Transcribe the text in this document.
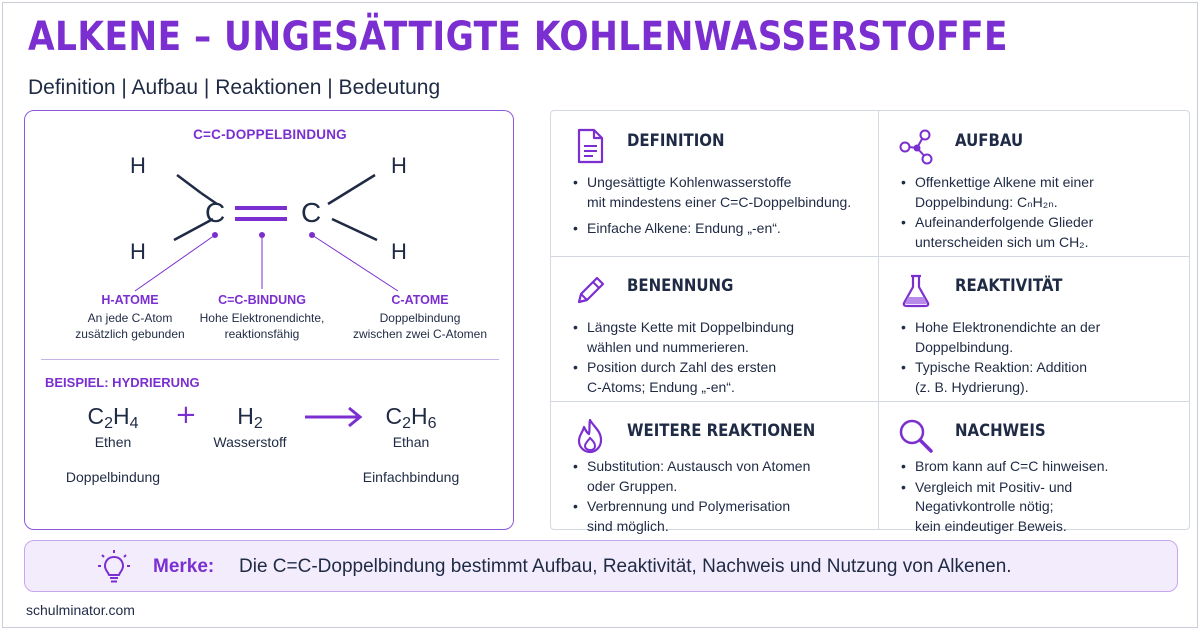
ALKENE – UNGESÄTTIGTE KOHLENWASSERSTOFFE
Definition | Aufbau | Reaktionen | Bedeutung
C=C-DOPPELBINDUNG
H
H
H
H
C	C
H-ATOME
An jede C-Atom
zusätzlich gebunden
C=C-BINDUNG
Hohe Elektronendichte,
reaktionsfähig
C-ATOME
Doppelbindung
zwischen zwei C-Atomen
BEISPIEL: HYDRIERUNG
$C_2H_4$
Ethen
Doppelbindung
+	$H_2$
Wasserstoff
→ $C_2H_6$
Ethan
Einfachbindung
DEFINITION
• Ungesättigte Kohlenwasserstoffe
mit mindestens einer C=C-Doppelbindung.
• Einfache Alkene: Endung „-en“.
AUFBAU
• Offenkettige Alkene mit einer
Doppelbindung: CₙH₂ₙ.
• Aufeinanderfolgende Glieder
unterscheiden sich um CH₂.
BENENNUNG
• Längste Kette mit Doppelbindung
wählen und nummerieren.
• Position durch Zahl des ersten
C-Atoms; Endung „-en“.
REAKTIVITÄT
• Hohe Elektronendichte an der
Doppelbindung.
• Typische Reaktion: Addition
(z. B. Hydrierung).
WEITERE REAKTIONEN
• Substitution: Austausch von Atomen
oder Gruppen.
• Verbrennung und Polymerisation
sind möglich.
NACHWEIS
• Brom kann auf C=C hinweisen.
• Vergleich mit Positiv- und
Negativkontrolle nötig;
kein eindeutiger Beweis.
Merke: Die C=C-Doppelbindung bestimmt Aufbau, Reaktivität, Nachweis und Nutzung von Alkenen.
schulminator.com
